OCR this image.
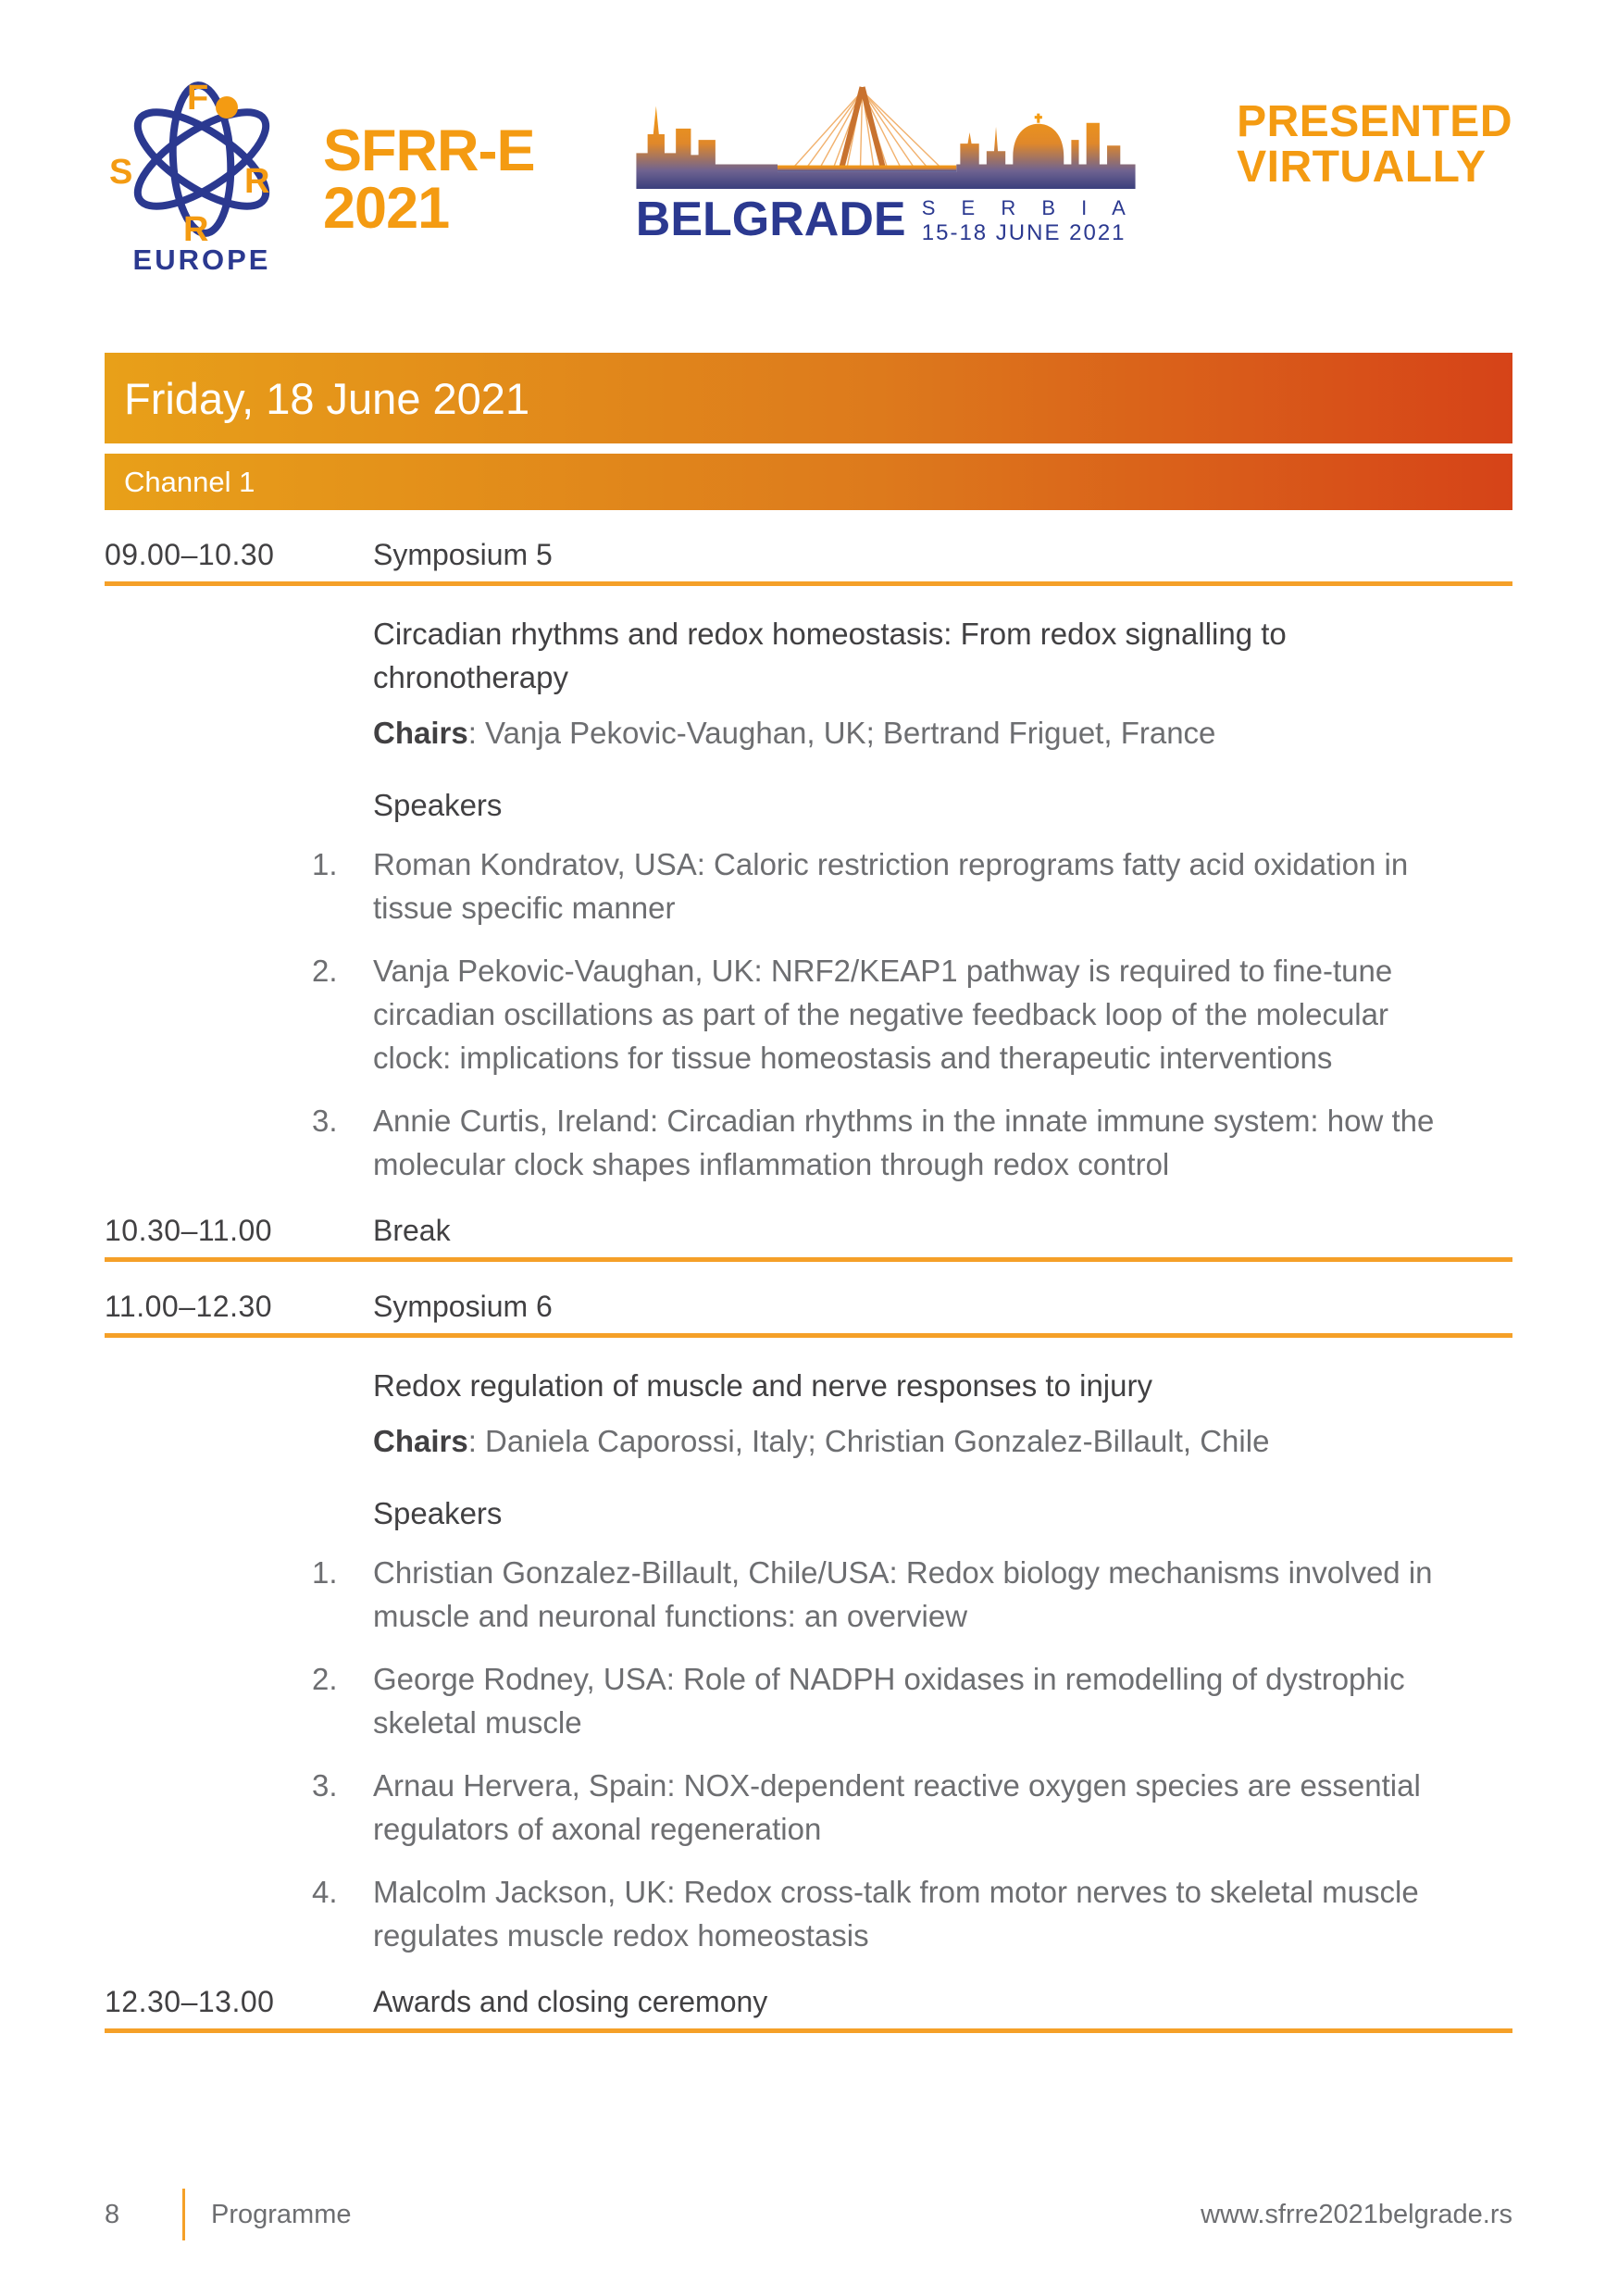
F
S	R
R
EUROPE
SFRR-E
2021	BELGRADE S E R B I A
15-18 JUNE 2021
PRESENTED
VIRTUALLY
Friday, 18 June 2021
Channel 1
09.00–10.30	Symposium 5
Circadian rhythms and redox homeostasis: From redox signalling to chronotherapy
Chairs: Vanja Pekovic-Vaughan, UK; Bertrand Friguet, France
Speakers
1. Roman Kondratov, USA: Caloric restriction reprograms fatty acid oxidation in tissue specific manner
2. Vanja Pekovic-Vaughan, UK: NRF2/KEAP1 pathway is required to fine-tune circadian oscillations as part of the negative feedback loop of the molecular clock: implications for tissue homeostasis and therapeutic interventions
3. Annie Curtis, Ireland: Circadian rhythms in the innate immune system: how the molecular clock shapes inflammation through redox control
10.30–11.00	Break
11.00–12.30	Symposium 6
Redox regulation of muscle and nerve responses to injury
Chairs: Daniela Caporossi, Italy; Christian Gonzalez-Billault, Chile
Speakers
1. Christian Gonzalez-Billault, Chile/USA: Redox biology mechanisms involved in muscle and neuronal functions: an overview
2. George Rodney, USA: Role of NADPH oxidases in remodelling of dystrophic skeletal muscle
3. Arnau Hervera, Spain: NOX-dependent reactive oxygen species are essential regulators of axonal regeneration
4. Malcolm Jackson, UK: Redox cross-talk from motor nerves to skeletal muscle regulates muscle redox homeostasis
12.30–13.00	Awards and closing ceremony
8	Programme	www.sfrre2021belgrade.rs
